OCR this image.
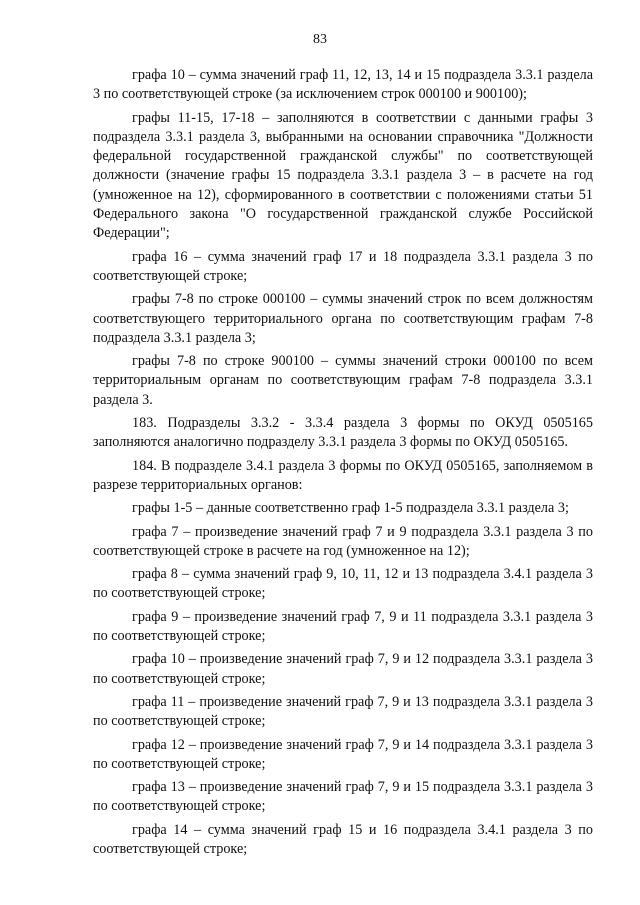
83

графа 10 – сумма значений граф 11, 12, 13, 14 и 15 подраздела 3.3.1 раздела 3 по соответствующей строке (за исключением строк 000100 и 900100);

графы 11-15, 17-18 – заполняются в соответствии с данными графы 3 подраздела 3.3.1 раздела 3, выбранными на основании справочника "Должности федеральной государственной гражданской службы" по соответствующей должности (значение графы 15 подраздела 3.3.1 раздела 3 – в расчете на год (умноженное на 12), сформированного в соответствии с положениями статьи 51 Федерального закона "О государственной гражданской службе Российской Федерации";

графа 16 – сумма значений граф 17 и 18 подраздела 3.3.1 раздела 3 по соответствующей строке;

графы 7-8 по строке 000100 – суммы значений строк по всем должностям соответствующего территориального органа по соответствующим графам 7-8 подраздела 3.3.1 раздела 3;

графы 7-8 по строке 900100 – суммы значений строки 000100 по всем территориальным органам по соответствующим графам 7-8 подраздела 3.3.1 раздела 3.

183. Подразделы 3.3.2 - 3.3.4 раздела 3 формы по ОКУД 0505165 заполняются аналогично подразделу 3.3.1 раздела 3 формы по ОКУД 0505165.

184. В подразделе 3.4.1 раздела 3 формы по ОКУД 0505165, заполняемом в разрезе территориальных органов:

графы 1-5 – данные соответственно граф 1-5 подраздела 3.3.1 раздела 3;

графа 7 – произведение значений граф 7 и 9 подраздела 3.3.1 раздела 3 по соответствующей строке в расчете на год (умноженное на 12);

графа 8 – сумма значений граф 9, 10, 11, 12 и 13 подраздела 3.4.1 раздела 3 по соответствующей строке;

графа 9 – произведение значений граф 7, 9 и 11 подраздела 3.3.1 раздела 3 по соответствующей строке;

графа 10 – произведение значений граф 7, 9 и 12 подраздела 3.3.1 раздела 3 по соответствующей строке;

графа 11 – произведение значений граф 7, 9 и 13 подраздела 3.3.1 раздела 3 по соответствующей строке;

графа 12 – произведение значений граф 7, 9 и 14 подраздела 3.3.1 раздела 3 по соответствующей строке;

графа 13 – произведение значений граф 7, 9 и 15 подраздела 3.3.1 раздела 3 по соответствующей строке;

графа 14 – сумма значений граф 15 и 16 подраздела 3.4.1 раздела 3 по соответствующей строке;
